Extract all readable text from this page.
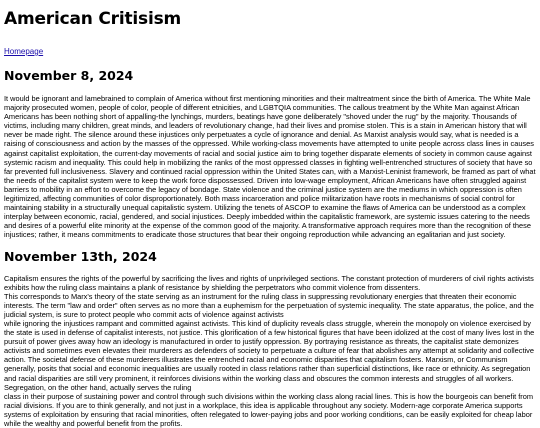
American Critisism
Homepage
November 8, 2024

It would be ignorant and lamebrained to complain of America without first mentioning minorities and their maltreatment since the birth of America. The White Male majority prosecuted women, people of color, people of different etnicities, and LGBTQIA communities. The callous treatment by the White Man against African Americans has been nothing short of appalling-the lynchings, murders, beatings have gone deliberately "shoved under the rug" by the majority. Thousands of victims, including many children, great minds, and leaders of revolutionary change, had their lives and promise stolen. This is a stain in American history that will never be made right. The silence around these injustices only perpetuates a cycle of ignorance and denial. As Marxist analysis would say, what is needed is a raising of consciousness and action by the masses of the oppressed. While working-class movements have attempted to unite people across class lines in causes against capitalist exploitation, the current-day movements of racial and social justice aim to bring together disparate elements of society in common cause against systemic racism and inequality. This could help in mobilizing the ranks of the most oppressed classes in fighting well-entrenched structures of society that have so far prevented full inclusiveness. Slavery and continued racial oppression within the United States can, with a Marxist-Leninist framework, be framed as part of what the needs of the capitalist system were to keep the work force dispossessed. Driven into low-wage employment, African Americans have often struggled against barriers to mobility in an effort to overcome the legacy of bondage. State violence and the criminal justice system are the mediums in which oppression is often legitimized, affecting communities of color disproportionately. Both mass incarceration and police militarization have roots in mechanisms of social control for maintaining stability in a structurally unequal capitalistic system. Utilizing the tenets of ASCOP to examine the flaws of America can be understood as a complex interplay between economic, racial, gendered, and social injustices. Deeply imbedded within the capitalistic framework, are systemic issues catering to the needs and desires of a powerful elite minority at the expense of the common good of the majority. A transformative approach requires more than the recognition of these injustices; rather, it means commitments to eradicate those structures that bear their ongoing reproduction while advancing an egalitarian and just society.

November 13th, 2024

Capitalism ensures the rights of the powerful by sacrificing the lives and rights of unprivileged sections. The constant protection of murderers of civil rights activists exhibits how the ruling class maintains a plank of resistance by shielding the perpetrators who commit violence from dissenters.

This corresponds to Marx's theory of the state serving as an instrument for the ruling class in suppressing revolutionary energies that threaten their economic interests. The term "law and order" often serves as no more than a euphemism for the perpetuation of systemic inequality. The state apparatus, the police, and the judicial system, is sure to protect people who commit acts of violence against activists

while ignoring the injustices rampant and committed against activists. This kind of duplicity reveals class struggle, wherein the monopoly on violence exercised by the state is used in defense of capitalist interests, not justice. This glorification of a few historical figures that have been idolized at the cost of many lives lost in the pursuit of power gives away how an ideology is manufactured in order to justify oppression. By portraying resistance as threats, the capitalist state demonizes activists and sometimes even elevates their murderers as defenders of society to perpetuate a culture of fear that abolishes any attempt at solidarity and collective action. The societal defense of these murderers illustrates the entrenched racial and economic disparities that capitalism fosters. Marxism, or Communism generally, posits that social and economic inequalities are usually rooted in class relations rather than superficial distinctions, like race or ethnicity. As segregation and racial disparities are still very prominent, it reinforces divisions within the working class and obscures the common interests and struggles of all workers. Segregation, on the other hand, actually serves the ruling

class in their purpose of sustaining power and control through such divisions within the working class along racial lines. This is how the bourgeois can benefit from racial divisions. If you are to think generally, and not just in a workplace, this idea is applicable throughout any society. Modern-age corporate America supports systems of exploitation by ensuring that racial minorities, often relegated to lower-paying jobs and poor working conditions, can be easily exploited for cheap labor while the wealthy and powerful benefit from the profits.
